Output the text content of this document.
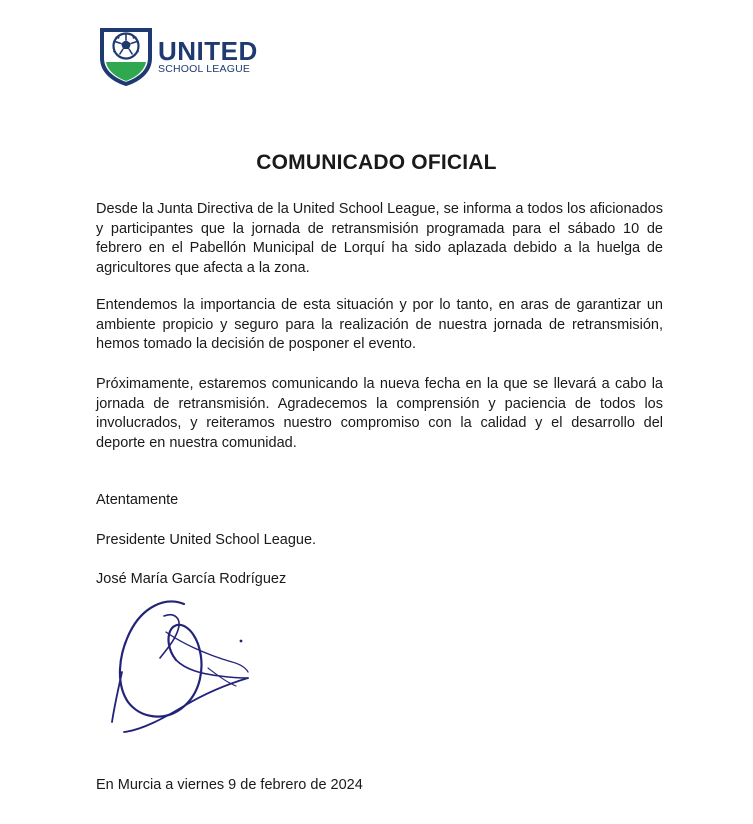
UNITED
SCHOOL LEAGUE
COMUNICADO OFICIAL

Desde la Junta Directiva de la United School League, se informa a todos los aficionados y participantes que la jornada de retransmisión programada para el sábado 10 de febrero en el Pabellón Municipal de Lorquí ha sido aplazada debido a la huelga de agricultores que afecta a la zona.

Entendemos la importancia de esta situación y por lo tanto, en aras de garantizar un ambiente propicio y seguro para la realización de nuestra jornada de retransmisión, hemos tomado la decisión de posponer el evento.

Próximamente, estaremos comunicando la nueva fecha en la que se llevará a cabo la jornada de retransmisión. Agradecemos la comprensión y paciencia de todos los involucrados, y reiteramos nuestro compromiso con la calidad y el desarrollo del deporte en nuestra comunidad.

Atentamente

Presidente United School League.

José María García Rodríguez

En Murcia a viernes 9 de febrero de 2024
